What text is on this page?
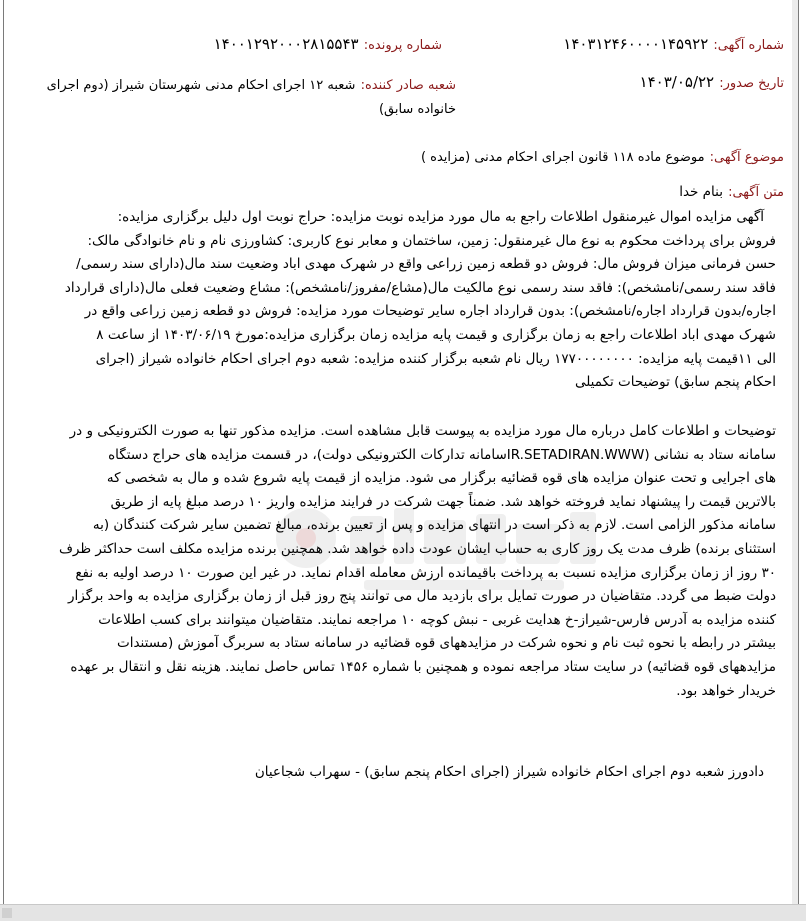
شماره آگهی: ۱۴۰۳۱۲۴۶۰۰۰۰۱۴۵۹۲۲
شماره پرونده: ۱۴۰۰۱۲۹۲۰۰۰۲۸۱۵۵۴۳
تاریخ صدور: ۱۴۰۳/۰۵/۲۲
شعبه صادر کننده: شعبه ۱۲ اجرای احکام مدنی شهرستان شیراز (دوم اجرای
خانواده سابق)
موضوع آگهی: موضوع ماده ۱۱۸ قانون اجرای احکام مدنی (مزایده )
متن آگهی: بنام خدا
آگهی مزایده اموال غیرمنقول اطلاعات راجع به مال مورد مزایده نوبت مزایده: حراج نوبت اول دلیل برگزاری مزایده:
فروش برای پرداخت محکوم به نوع مال غیرمنقول: زمین، ساختمان و معابر نوع کاربری: کشاورزی نام و نام خانوادگی مالک:
حسن فرمانی میزان فروش مال: فروش دو قطعه زمین زراعی واقع در شهرک مهدی اباد وضعیت سند مال(دارای سند رسمی/
فاقد سند رسمی/نامشخص): فاقد سند رسمی نوع مالکیت مال(مشاع/مفروز/نامشخص): مشاع وضعیت فعلی مال(دارای قرارداد
اجاره/بدون قرارداد اجاره/نامشخص): بدون قرارداد اجاره سایر توضیحات مورد مزایده: فروش دو قطعه زمین زراعی واقع در
شهرک مهدی اباد اطلاعات راجع به زمان برگزاری و قیمت پایه مزایده زمان برگزاری مزایده:مورخ ۱۴۰۳/۰۶/۱۹ از ساعت ۸
الی ۱۱قیمت پایه مزایده: ۱۷۷۰۰۰۰۰۰۰۰ ریال نام شعبه برگزار کننده مزایده: شعبه دوم اجرای احکام خانواده شیراز (اجرای
احکام پنجم سابق) توضیحات تکمیلی
توضیحات و اطلاعات کامل درباره مال مورد مزایده به پیوست قابل مشاهده است. مزایده مذکور تنها به صورت الکترونیکی و در
سامانه ستاد به نشانی (IR.SETADIRAN.WWWسامانه تدارکات الکترونیکی دولت)، در قسمت مزایده های حراج دستگاه
های اجرایی و تحت عنوان مزایده های قوه قضائیه برگزار می شود. مزایده از قیمت پایه شروع شده و مال به شخصی که
بالاترین قیمت را پیشنهاد نماید فروخته خواهد شد. ضمناً جهت شرکت در فرایند مزایده واریز ۱۰ درصد مبلغ پایه از طریق
سامانه مذکور الزامی است. لازم به ذکر است در انتهای مزایده و پس از تعیین برنده، مبالغ تضمین سایر شرکت کنندگان (به
استثنای برنده) ظرف مدت یک روز کاری به حساب ایشان عودت داده خواهد شد. همچنین برنده مزایده مکلف است حداکثر ظرف
۳۰ روز از زمان برگزاری مزایده نسبت به پرداخت باقیمانده ارزش معامله اقدام نماید. در غیر این صورت ۱۰ درصد اولیه به نفع
دولت ضبط می گردد. متقاضیان در صورت تمایل برای بازدید مال می توانند پنج روز قبل از زمان برگزاری مزایده به واحد برگزار
کننده مزایده به آدرس فارس-شیراز-خ هدایت غربی - نبش کوچه ۱۰ مراجعه نمایند. متقاضیان میتوانند برای کسب اطلاعات
بیشتر در رابطه با نحوه ثبت نام و نحوه شرکت در مزایدههای قوه قضائیه در سامانه ستاد به سربرگ آموزش (مستندات
مزایدههای قوه قضائیه) در سایت ستاد مراجعه نموده و همچنین با شماره ۱۴۵۶ تماس حاصل نمایند. هزینه نقل و انتقال بر عهده
خریدار خواهد بود.
دادورز شعبه دوم اجرای احکام خانواده شیراز (اجرای احکام پنجم سابق) - سهراب شجاعیان
